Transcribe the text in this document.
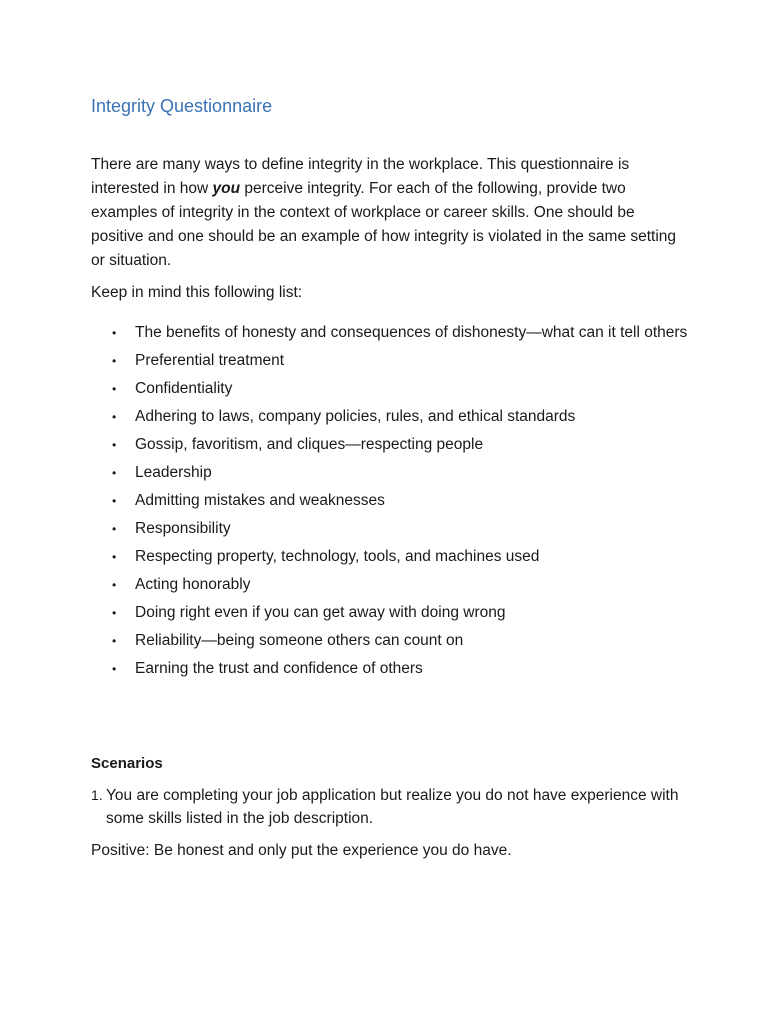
Integrity Questionnaire

There are many ways to define integrity in the workplace. This questionnaire is interested in how you perceive integrity. For each of the following, provide two examples of integrity in the context of workplace or career skills. One should be positive and one should be an example of how integrity is violated in the same setting or situation.

Keep in mind this following list:

• The benefits of honesty and consequences of dishonesty—what can it tell others
• Preferential treatment
• Confidentiality
• Adhering to laws, company policies, rules, and ethical standards
• Gossip, favoritism, and cliques—respecting people
• Leadership
• Admitting mistakes and weaknesses
• Responsibility
• Respecting property, technology, tools, and machines used
• Acting honorably
• Doing right even if you can get away with doing wrong
• Reliability—being someone others can count on
• Earning the trust and confidence of others

Scenarios

1. You are completing your job application but realize you do not have experience with some skills listed in the job description.

Positive: Be honest and only put the experience you do have.
